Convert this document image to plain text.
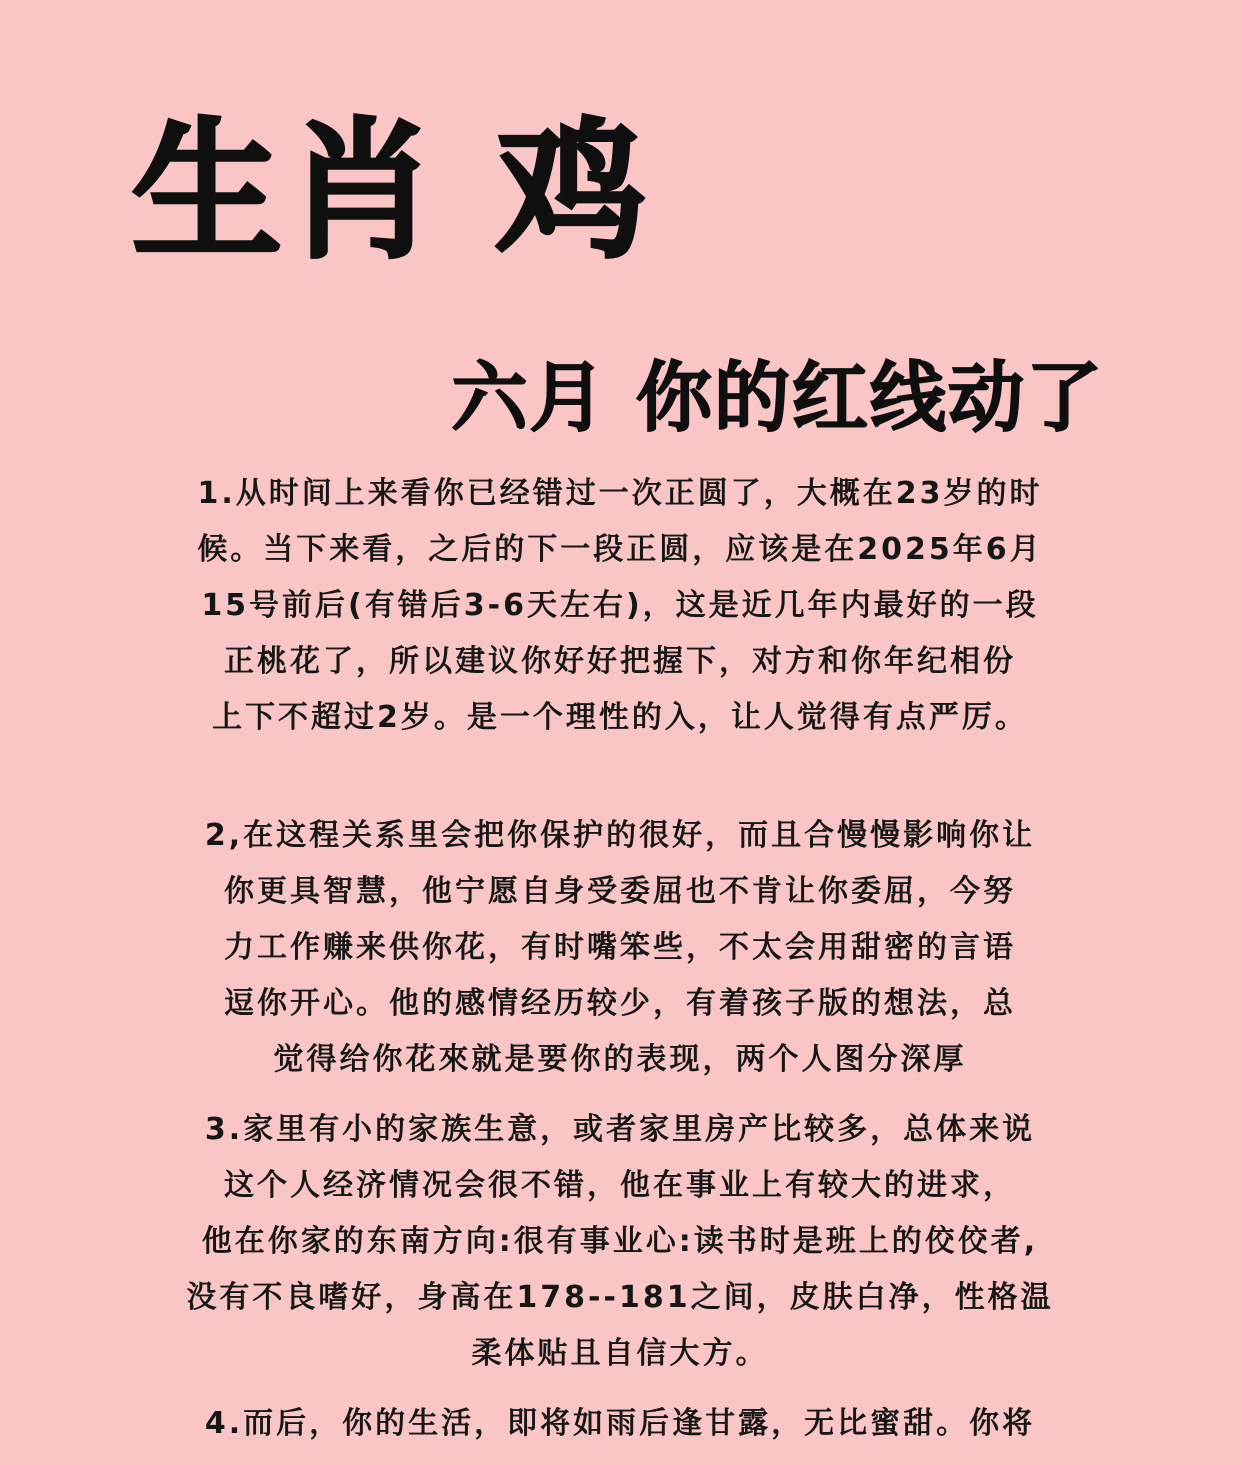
生肖 鸡
六月 你的红线动了

1.从时间上来看你已经错过一次正圆了，大概在23岁的时
候。当下来看，之后的下一段正圆，应该是在2025年6月
15号前后(有错后3-6天左右)，这是近几年内最好的一段
正桃花了，所以建议你好好把握下，对方和你年纪相份
上下不超过2岁。是一个理性的入，让人觉得有点严厉。

2,在这程关系里会把你保护的很好，而且合慢慢影响你让
你更具智慧，他宁愿自身受委屈也不肯让你委屈，今努
力工作赚来供你花，有时嘴笨些，不太会用甜密的言语
逗你开心。他的感情经历较少，有着孩子版的想法，总
觉得给你花來就是要你的表现，两个人图分深厚

3.家里有小的家族生意，或者家里房产比较多，总体来说
这个人经济情况会很不错，他在事业上有较大的进求，
他在你家的东南方向:很有事业心:读书时是班上的佼佼者,
没有不良嗜好，身高在178--181之间，皮肤白净，性格温
柔体贴且自信大方。

4.而后，你的生活，即将如雨后逢甘露，无比蜜甜。你将
